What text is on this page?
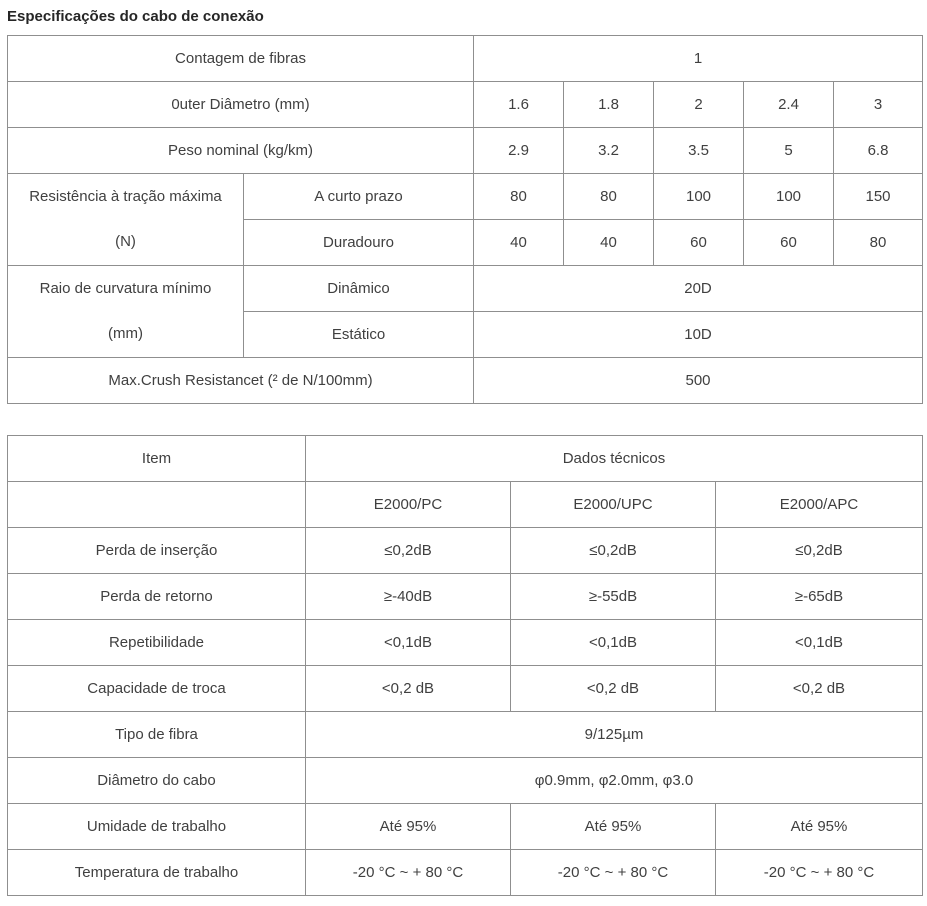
Especificações do cabo de conexão
Contagem de fibras		1				
0uter Diâmetro (mm)		1.6	1.8	2	2.4	3
Peso nominal (kg/km)		2.9	3.2	3.5	5	6.8

Resistência à tração máxima
(N)	A curto prazo	80	80	100	100	150
	Duradouro	40	40	60	60	80

Raio de curvatura mínimo
(mm)	Dinâmico	20D				
	Estático	10D				
Max.Crush Resistancet (² de N/100mm)		500				
Item	Dados técnicos		
	E2000/PC	E2000/UPC	E2000/APC
Perda de inserção	≤0,2dB	≤0,2dB	≤0,2dB
Perda de retorno	≥-40dB	≥-55dB	≥-65dB
Repetibilidade	<0,1dB	<0,1dB	<0,1dB
Capacidade de troca	<0,2 dB	<0,2 dB	<0,2 dB
Tipo de fibra	9/125µm		
Diâmetro do cabo	φ0.9mm, φ2.0mm, φ3.0		
Umidade de trabalho	Até 95%	Até 95%	Até 95%
Temperatura de trabalho	-20 °C ~ + 80 °C	-20 °C ~ + 80 °C	-20 °C ~ + 80 °C
